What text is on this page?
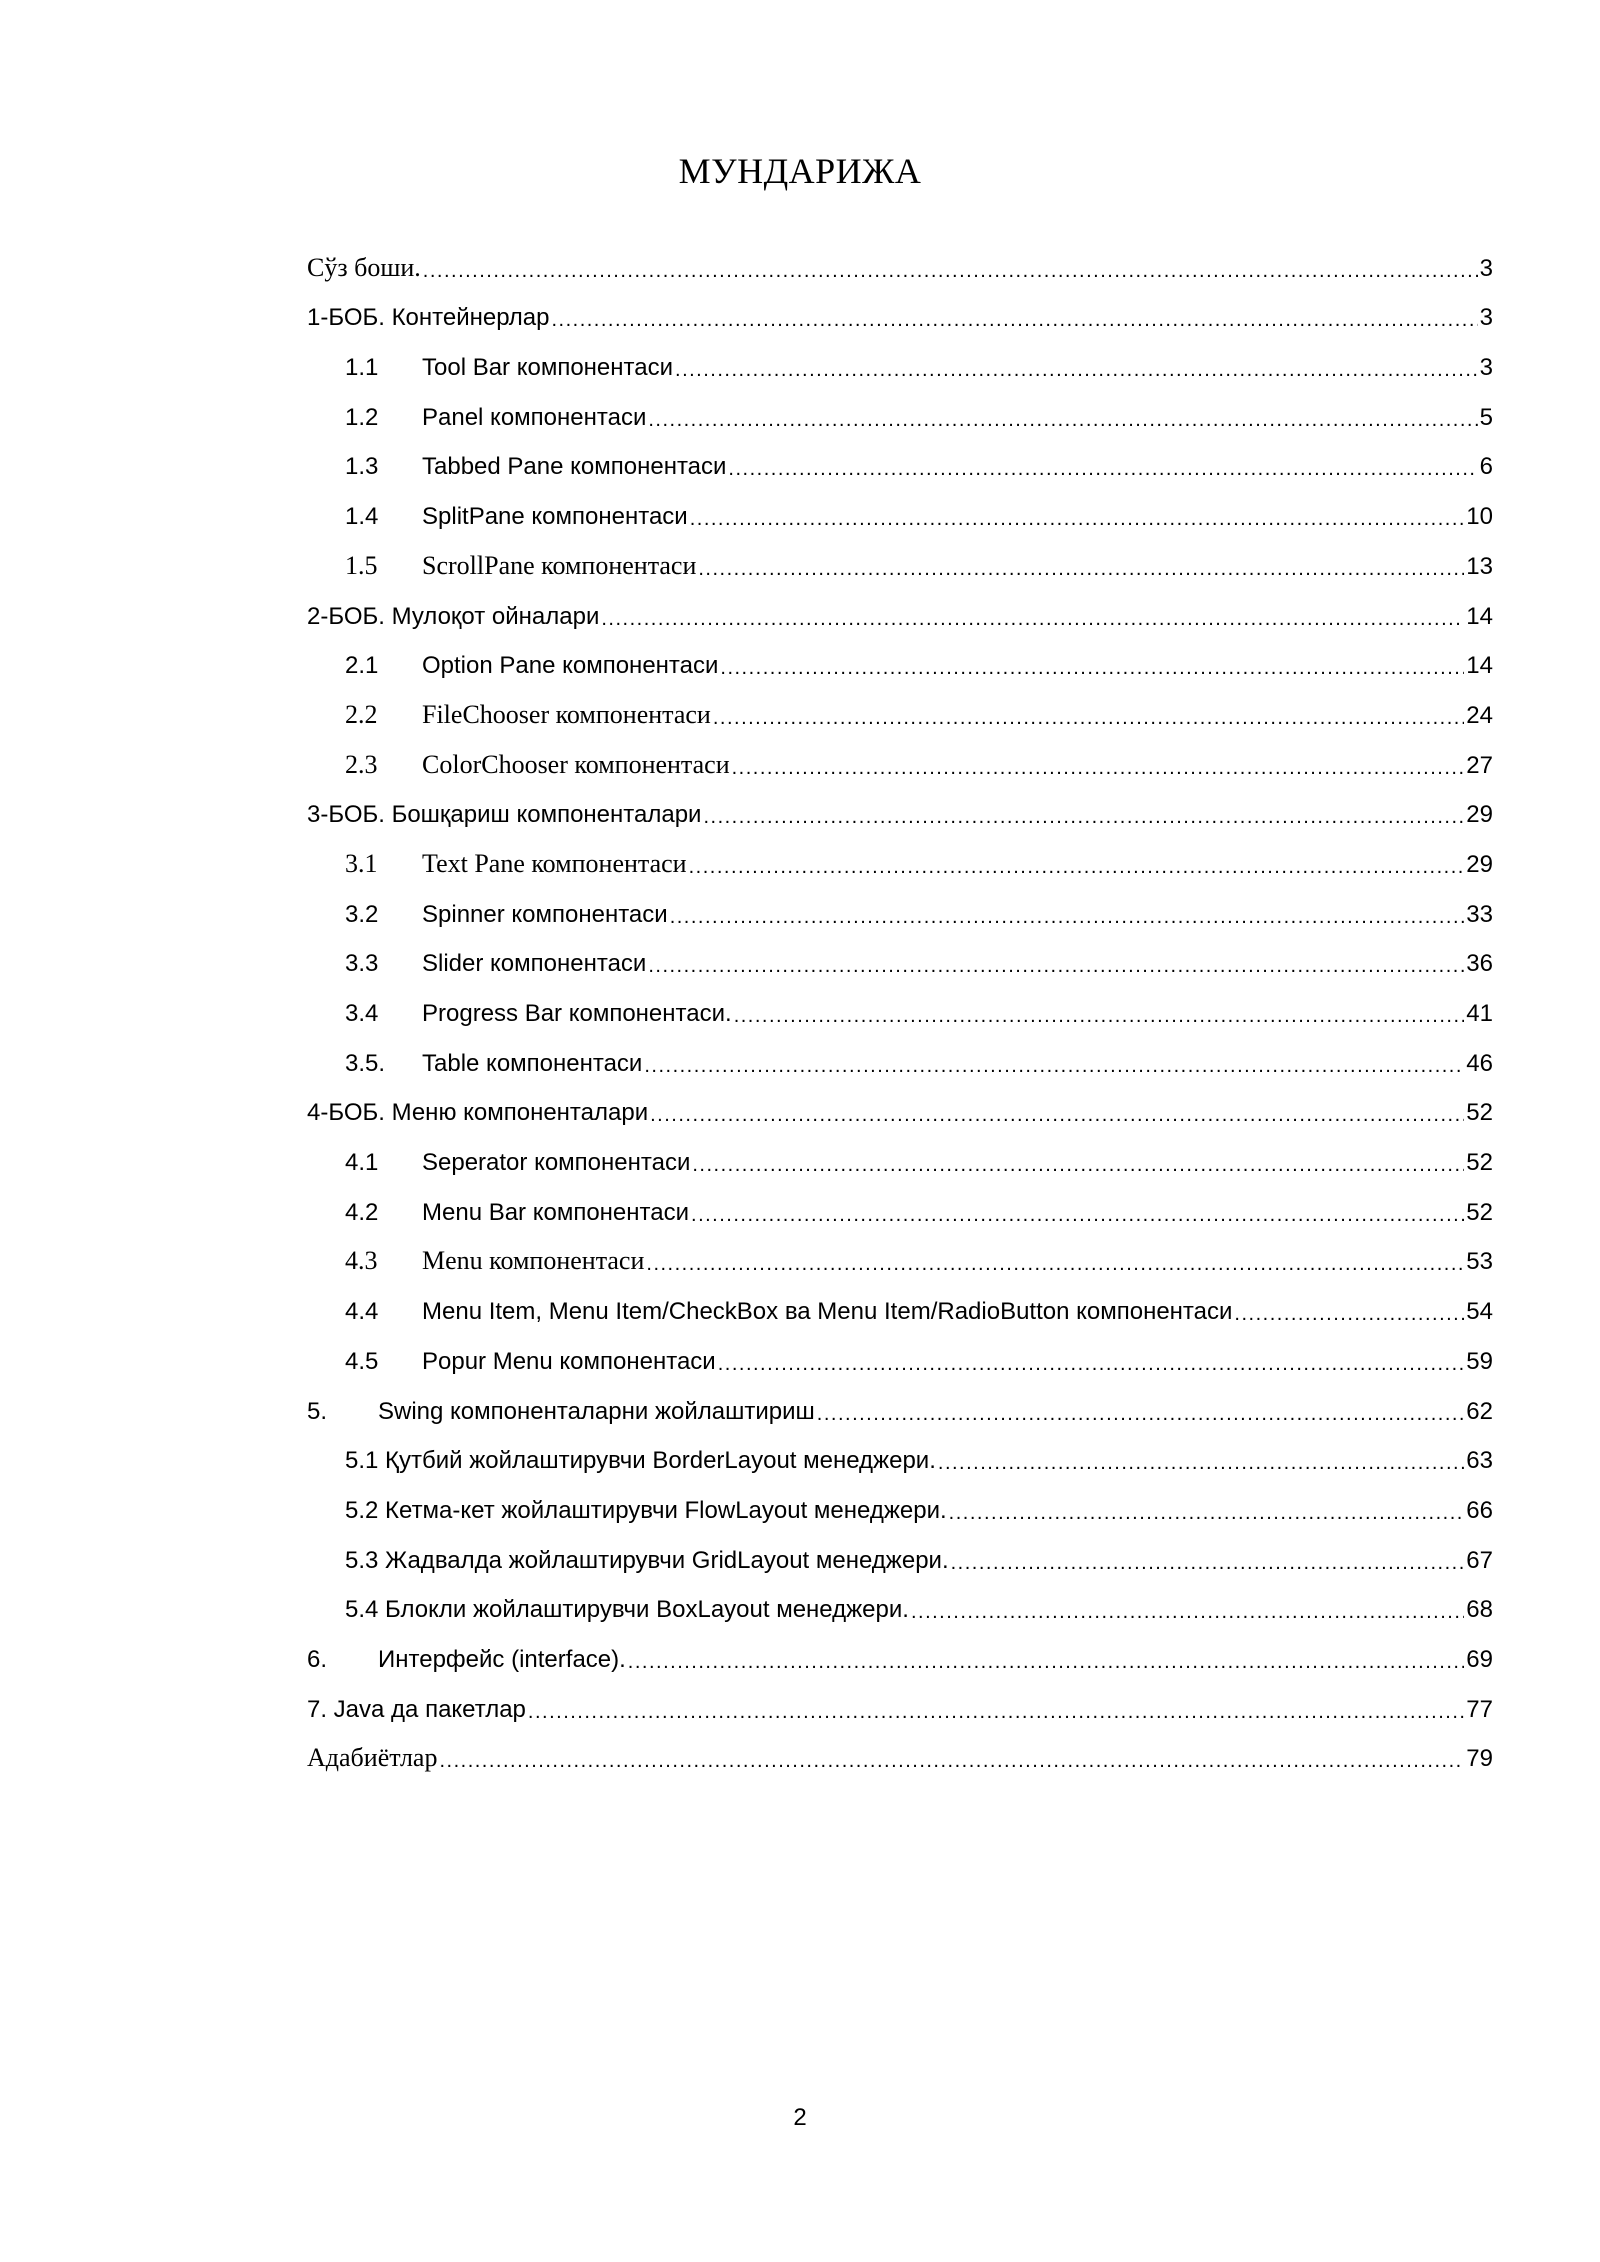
МУНДАРИЖА
Сўз боши. .....	3
1-БОБ. Контейнерлар .....	3
1.1	Tool Bar компонентаси .....	3
1.2	Panel компонентаси .....	5
1.3	Tabbed Pane компонентаси .....	6
1.4	SplitPane компонентаси .....	10
1.5	ScrollPane компонентаси .....	13
2-БОБ. Мулоқот ойналари .....	14
2.1	Option Pane компонентаси .....	14
2.2	FileChooser компонентаси .....	24
2.3	ColorChooser компонентаси .....	27
3-БОБ. Бошқариш компоненталари .....	29
3.1	Text Pane компонентаси .....	29
3.2	Spinner компонентаси .....	33
3.3	Slider компонентаси .....	36
3.4	Progress Bar компонентаси. .....	41
3.5.	Table компонентаси .....	46
4-БОБ. Меню компоненталари .....	52
4.1	Seperator компонентаси .....	52
4.2	Menu Bar компонентаси .....	52
4.3	Menu компонентаси .....	53
4.4	Menu Item, Menu Item/CheckBox ва Menu Item/RadioButton компонентаси .....	54
4.5	Popur Menu компонентаси .....	59
5.	Swing компоненталарни жойлаштириш .....	62
5.1 Қутбий жойлаштирувчи BorderLayout менеджери. .....	63
5.2 Кетма-кет жойлаштирувчи FlowLayout менеджери. .....	66
5.3 Жадвалда жойлаштирувчи GridLayout менеджери. .....	67
5.4 Блокли жойлаштирувчи BoxLayout менеджери. .....	68
6.	Интерфейс (interface). .....	69
7. Java да пакетлар .....	77
Адабиётлар .....	79
2
